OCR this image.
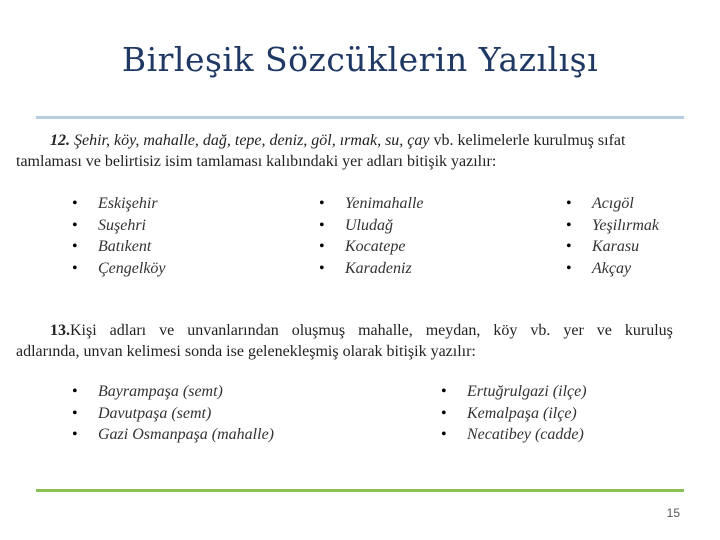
Birleşik Sözcüklerin Yazılışı
12. Şehir, köy, mahalle, dağ, tepe, deniz, göl, ırmak, su, çay vb. kelimelerle kurulmuş sıfat
tamlaması ve belirtisiz isim tamlaması kalıbındaki yer adları bitişik yazılır:
• Eskişehir
• Suşehri
• Batıkent
• Çengelköy
• Yenimahalle
• Uludağ
• Kocatepe
• Karadeniz
• Acıgöl
• Yeşilırmak
• Karasu
• Akçay
13.Kişi adları ve unvanlarından oluşmuş mahalle, meydan, köy vb. yer ve kuruluş
adlarında, unvan kelimesi sonda ise gelenekleşmiş olarak bitişik yazılır:
• Bayrampaşa (semt)
• Davutpaşa (semt)
• Gazi Osmanpaşa (mahalle)
• Ertuğrulgazi (ilçe)
• Kemalpaşa (ilçe)
• Necatibey (cadde)
15
